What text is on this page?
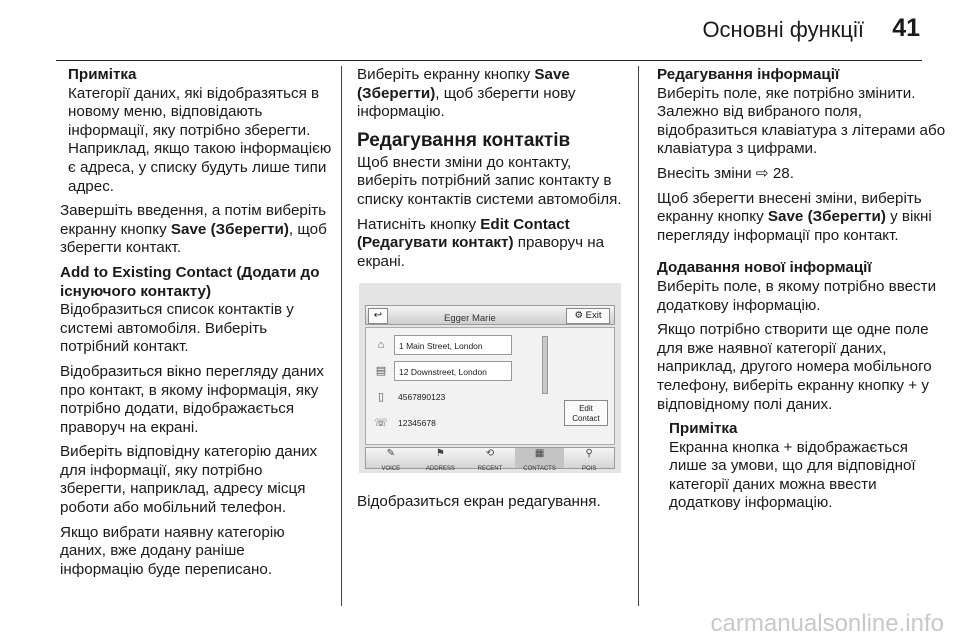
Основні функції 41
Примітка

Категорії даних, які відобразяться в новому меню, відповідають інформації, яку потрібно зберегти. Наприклад, якщо такою інформацією є адреса, у списку будуть лише типи адрес.

Завершіть введення, а потім виберіть екранну кнопку Save (Зберегти), щоб зберегти контакт.

Add to Existing Contact (Додати до існуючого контакту)

Відобразиться список контактів у системі автомобіля. Виберіть потрібний контакт.

Відобразиться вікно перегляду даних про контакт, в якому інформація, яку потрібно додати, відображається праворуч на екрані.

Виберіть відповідну категорію даних для інформації, яку потрібно зберегти, наприклад, адресу місця роботи або мобільний телефон.

Якщо вибрати наявну категорію даних, вже додану раніше інформацію буде переписано.

Виберіть екранну кнопку Save (Зберегти), щоб зберегти нову інформацію.

Редагування контактів

Щоб внести зміни до контакту, виберіть потрібний запис контакту в списку контактів системи автомобіля.

Натисніть кнопку Edit Contact (Редагувати контакт) праворуч на екрані.

↩	Egger Marie	⚙ Exit
⌂	1 Main Street, London
▤	12 Downstreet, London
▯	4567890123
☏	12345678
Edit
Contact
✎
VOICE
⚑
ADDRESS
⟲
RECENT
▦
CONTACTS
⚲
POIS

Відобразиться екран редагування.

Редагування інформації

Виберіть поле, яке потрібно змінити. Залежно від вибраного поля, відобразиться клавіатура з літерами або клавіатура з цифрами.

Внесіть зміни ⇨ 28.

Щоб зберегти внесені зміни, виберіть екранну кнопку Save (Зберегти) у вікні перегляду інформації про контакт.

Додавання нової інформації

Виберіть поле, в якому потрібно ввести додаткову інформацію.

Якщо потрібно створити ще одне поле для вже наявної категорії даних, наприклад, другого номера мобільного телефону, виберіть екранну кнопку + у відповідному полі даних.

Примітка

Екранна кнопка + відображається лише за умови, що для відповідної категорії даних можна ввести додаткову інформацію.

carmanualsonline.info
